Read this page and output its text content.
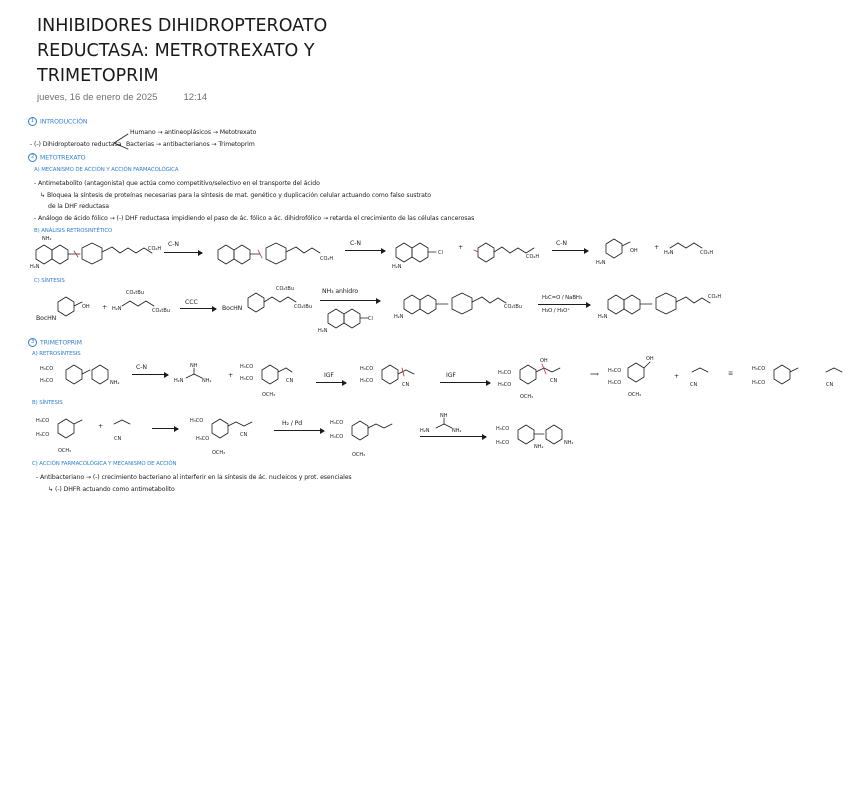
INHIBIDORES DIHIDROPTEROATO
REDUCTASA: METROTREXATO Y
TRIMETOPRIM
jueves, 16 de enero de 2025	12:14
1 INTRODUCCIÓN
- (-) Dihidropteroato reductasa
Humano → antineoplásicos → Metotrexato
Bacterias → antibacterianos → Trimetoprim
2 METOTREXATO
A) MECANISMO DE ACCIÓN Y ACCIÓN FARMACOLÓGICA
- Antimetabolito (antagonista) que actúa como competitivo/selectivo en el transporte del ácido
↳ Bloquea la síntesis de proteínas necesarias para la síntesis de mat. genético y duplicación celular actuando como falso sustrato
de la DHF reductasa
- Análogo de ácido fólico → (-) DHF reductasa impidiendo el paso de ác. fólico a ác. dihidrofólico → retarda el crecimiento de las células cancerosas
B) ANÁLISIS RETROSINTÉTICO
NH₂
H₂N
CO₂H
C-N
CO₂H
C-N
H₂N
Cl
+
CO₂H
C-N
H₂N
OH	+
H₂N	CO₂H
C) SÍNTESIS
OH
BocHN
+ H₂N
CO₂tBu
CO₂tBu
CCC
BocHN
CO₂tBu
CO₂tBu
NH₃ anhidro
H₂N
Cl	H₂N
CO₂tBu
H₂C=O / NaBH₃
H₃O / H₃O⁺
H₂N
CO₂H
3 TRIMETOPRIM
A) RETROSÍNTESIS
H₃CO
H₃CO	NH₂
C-N	NH
H₂N	NH₂
+
H₃CO
H₃CO
OCH₃
CN
IGF
H₃CO
H₃CO
CN
IGF
OH
H₃CO
H₃CO
OCH₃
CN
⟹
OH
H₃CO
H₃CO
OCH₃
+
CN
≡
H₃CO
H₃CO	CN
B) SÍNTESIS
H₃CO
H₃CO
OCH₃
+
CN
H₃CO
H₃CO
OCH₃
CN
H₂ / Pd	H₃CO
H₃CO
OCH₃
NH
H₂N	NH₂	H₃CO
H₃CO	NH₂
NH₂
C) ACCIÓN FARMACOLÓGICA Y MECANISMO DE ACCIÓN
- Antibacteriano → (-) crecimiento bacteriano al interferir en la síntesis de ác. nucleicos y prot. esenciales
↳ (-) DHFR actuando como antimetabolito
